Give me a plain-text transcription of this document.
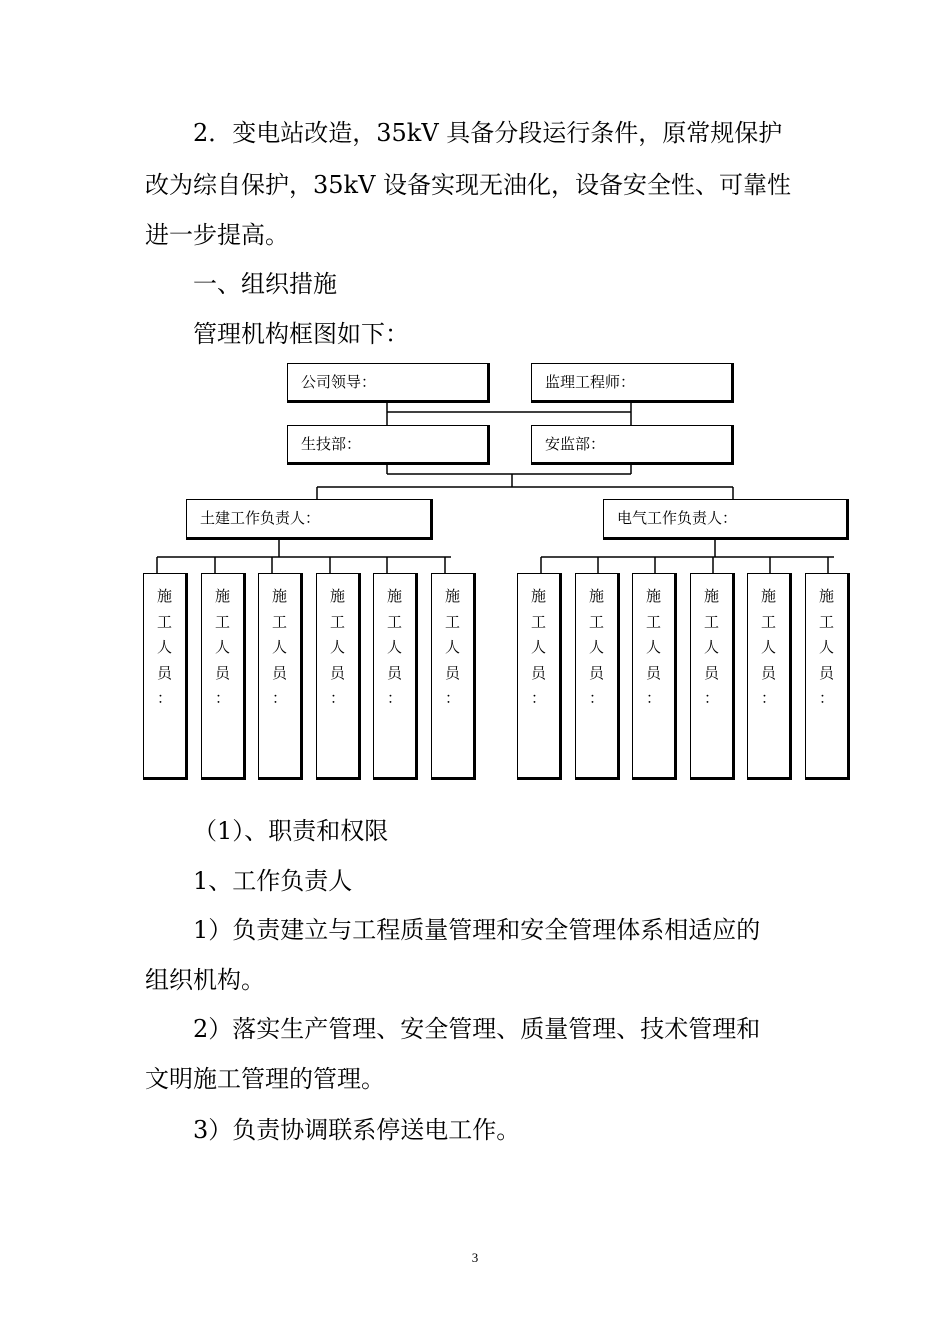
2．变电站改造，35kV 具备分段运行条件，原常规保护

改为综自保护，35kV 设备实现无油化，设备安全性、可靠性

进一步提高。

一、组织措施

管理机构框图如下：

公司领导：	监理工程师：
生技部：	安监部：
土建工作负责人：	电气工作负责人：
施
工
人
员
：
施
工
人
员
：
施
工
人
员
：
施
工
人
员
：
施
工
人
员
：
施
工
人
员
：
施
工
人
员
：
施
工
人
员
：
施
工
人
员
：
施
工
人
员
：
施
工
人
员
：
施
工
人
员
：

（1）、职责和权限

1、工作负责人

1）负责建立与工程质量管理和安全管理体系相适应的

组织机构。

2）落实生产管理、安全管理、质量管理、技术管理和

文明施工管理的管理。

3）负责协调联系停送电工作。

3
